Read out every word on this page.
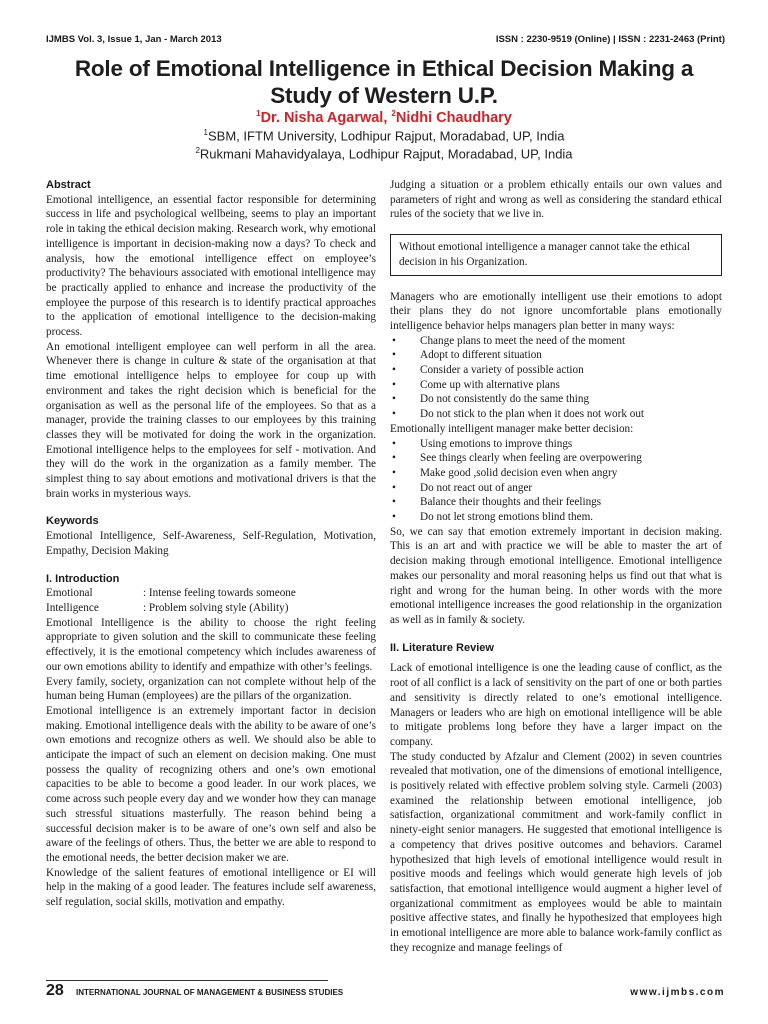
IJMBS Vol. 3, Issue 1, Jan - March 2013	ISSN : 2230-9519 (Online) | ISSN : 2231-2463 (Print)
Role of Emotional Intelligence in Ethical Decision Making a
Study of Western U.P.
$^1$Dr. Nisha Agarwal, $^2$Nidhi Chaudhary
$^1$SBM, IFTM University, Lodhipur Rajput, Moradabad, UP, India
$^2$Rukmani Mahavidyalaya, Lodhipur Rajput, Moradabad, UP, India

Abstract

Emotional intelligence, an essential factor responsible for determining success in life and psychological wellbeing, seems to play an important role in taking the ethical decision making. Research work, why emotional intelligence is important in decision-making now a days? To check and analysis, how the emotional intelligence effect on employee’s productivity? The behaviours associated with emotional intelligence may be practically applied to enhance and increase the productivity of the employee the purpose of this research is to identify practical approaches to the application of emotional intelligence to the decision-making process.

An emotional intelligent employee can well perform in all the area. Whenever there is change in culture & state of the organisation at that time emotional intelligence helps to employee for coup up with environment and takes the right decision which is beneficial for the organisation as well as the personal life of the employees. So that as a manager, provide the training classes to our employees by this training classes they will be motivated for doing the work in the organization. Emotional intelligence helps to the employees for self - motivation. And they will do the work in the organization as a family member. The simplest thing to say about emotions and motivational drivers is that the brain works in mysterious ways.

Keywords

Emotional Intelligence, Self-Awareness, Self-Regulation, Motivation, Empathy, Decision Making

I. Introduction

Emotional	: Intense feeling towards someone
Intelligence	: Problem solving style (Ability)

Emotional Intelligence is the ability to choose the right feeling appropriate to given solution and the skill to communicate these feeling effectively, it is the emotional competency which includes awareness of our own emotions ability to identify and empathize with other’s feelings.

Every family, society, organization can not complete without help of the human being Human (employees) are the pillars of the organization.

Emotional intelligence is an extremely important factor in decision making. Emotional intelligence deals with the ability to be aware of one’s own emotions and recognize others as well. We should also be able to anticipate the impact of such an element on decision making. One must possess the quality of recognizing others and one’s own emotional capacities to be able to become a good leader. In our work places, we come across such people every day and we wonder how they can manage such stressful situations masterfully. The reason behind being a successful decision maker is to be aware of one’s own self and also be aware of the feelings of others. Thus, the better we are able to respond to the emotional needs, the better decision maker we are.

Knowledge of the salient features of emotional intelligence or EI will help in the making of a good leader. The features include self awareness, self regulation, social skills, motivation and empathy.

Judging a situation or a problem ethically entails our own values and parameters of right and wrong as well as considering the standard ethical rules of the society that we live in.

Without emotional intelligence a manager cannot take the ethical decision in his Organization.

Managers who are emotionally intelligent use their emotions to adopt their plans they do not ignore uncomfortable plans emotionally intelligence behavior helps managers plan better in many ways:

• Change plans to meet the need of the moment
• Adopt to different situation
• Consider a variety of possible action
• Come up with alternative plans
• Do not consistently do the same thing
• Do not stick to the plan when it does not work out

Emotionally intelligent manager make better decision:

• Using emotions to improve things
• See things clearly when feeling are overpowering
• Make good ,solid decision even when angry
• Do not react out of anger
• Balance their thoughts and their feelings
• Do not let strong emotions blind them.

So, we can say that emotion extremely important in decision making. This is an art and with practice we will be able to master the art of decision making through emotional intelligence. Emotional intelligence makes our personality and moral reasoning helps us find out that what is right and wrong for the human being. In other words with the more emotional intelligence increases the good relationship in the organization as well as in family & society.

II. Literature Review

Lack of emotional intelligence is one the leading cause of conflict, as the root of all conflict is a lack of sensitivity on the part of one or both parties and sensitivity is directly related to one’s emotional intelligence. Managers or leaders who are high on emotional intelligence will be able to mitigate problems long before they have a larger impact on the company.

The study conducted by Afzalur and Clement (2002) in seven countries revealed that motivation, one of the dimensions of emotional intelligence, is positively related with effective problem solving style. Carmeli (2003) examined the relationship between emotional intelligence, job satisfaction, organizational commitment and work-family conflict in ninety-eight senior managers. He suggested that emotional intelligence is a competency that drives positive outcomes and behaviors. Caramel hypothesized that high levels of emotional intelligence would result in positive moods and feelings which would generate high levels of job satisfaction, that emotional intelligence would augment a higher level of organizational commitment as employees would be able to maintain positive affective states, and finally he hypothesized that employees high in emotional intelligence are more able to balance work-family conflict as they recognize and manage feelings of

28 INTERNATIONAL JOURNAL OF MANAGEMENT & BUSINESS STUDIES	www.ijmbs.com
